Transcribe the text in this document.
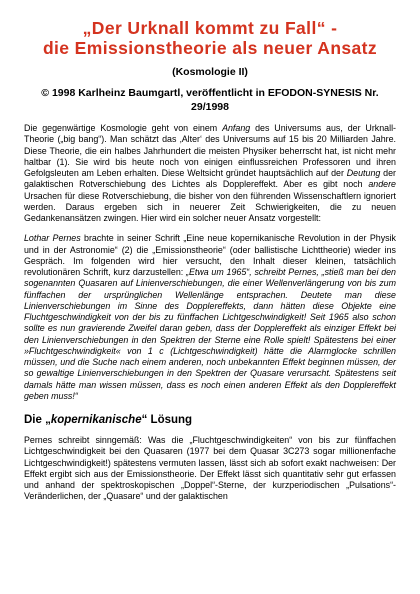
„Der Urknall kommt zu Fall“ -
die Emissionstheorie als neuer Ansatz
(Kosmologie II)
© 1998 Karlheinz Baumgartl, veröffentlicht in EFODON-SYNESIS Nr.
29/1998

Die gegenwärtige Kosmologie geht von einem Anfang des Universums aus, der Urknall-Theorie („big bang“). Man schätzt das ‚Alter‘ des Universums auf 15 bis 20 Milliarden Jahre. Diese Theorie, die ein halbes Jahrhundert die meisten Physiker beherrscht hat, ist nicht mehr haltbar (1). Sie wird bis heute noch von einigen einflussreichen Professoren und ihren Gefolgsleuten am Leben erhalten. Diese Weltsicht gründet hauptsächlich auf der Deutung der galaktischen Rotverschiebung des Lichtes als Dopplereffekt. Aber es gibt noch andere Ursachen für diese Rotverschiebung, die bisher von den führenden Wissenschaftlern ignoriert werden. Daraus ergeben sich in neuerer Zeit Schwierigkeiten, die zu neuen Gedankenansätzen zwingen. Hier wird ein solcher neuer Ansatz vorgestellt:

Lothar Pernes brachte in seiner Schrift „Eine neue kopernikanische Revolution in der Physik und in der Astronomie“ (2) die „Emissionstheorie“ (oder ballistische Lichttheorie) wieder ins Gespräch. Im folgenden wird hier versucht, den Inhalt dieser kleinen, tatsächlich revolutionären Schrift, kurz darzustellen: „Etwa um 1965“, schreibt Pernes, „stieß man bei den sogenannten Quasaren auf Linienverschiebungen, die einer Wellenverlängerung von bis zum fünffachen der ursprünglichen Wellenlänge entsprachen. Deutete man diese Linienverschiebungen im Sinne des Dopplereffekts, dann hätten diese Objekte eine Fluchtgeschwindigkeit von der bis zu fünffachen Lichtgeschwindigkeit! Seit 1965 also schon sollte es nun gravierende Zweifel daran geben, dass der Dopplereffekt als einziger Effekt bei den Linienverschiebungen in den Spektren der Sterne eine Rolle spielt! Spätestens bei einer »Fluchtgeschwindigkeit« von 1 c (Lichtgeschwindigkeit) hätte die Alarmglocke schrillen müssen, und die Suche nach einem anderen, noch unbekannten Effekt beginnen müssen, der so gewaltige Linienverschiebungen in den Spektren der Quasare verursacht. Spätestens seit damals hätte man wissen müssen, dass es noch einen anderen Effekt als den Dopplereffekt geben muss!“

Die „kopernikanische“ Lösung

Pernes schreibt sinngemäß: Was die „Fluchtgeschwindigkeiten“ von bis zur fünffachen Lichtgeschwindigkeit bei den Quasaren (1977 bei dem Quasar 3C273 sogar millionenfache Lichtgeschwindigkeit!) spätestens vermuten lassen, lässt sich ab sofort exakt nachweisen: Der Effekt ergibt sich aus der Emissionstheorie. Der Effekt lässt sich quantitativ sehr gut erfassen und anhand der spektroskopischen „Doppel“-Sterne, der kurzperiodischen „Pulsations“-Veränderlichen, der „Quasare“ und der galaktischen
